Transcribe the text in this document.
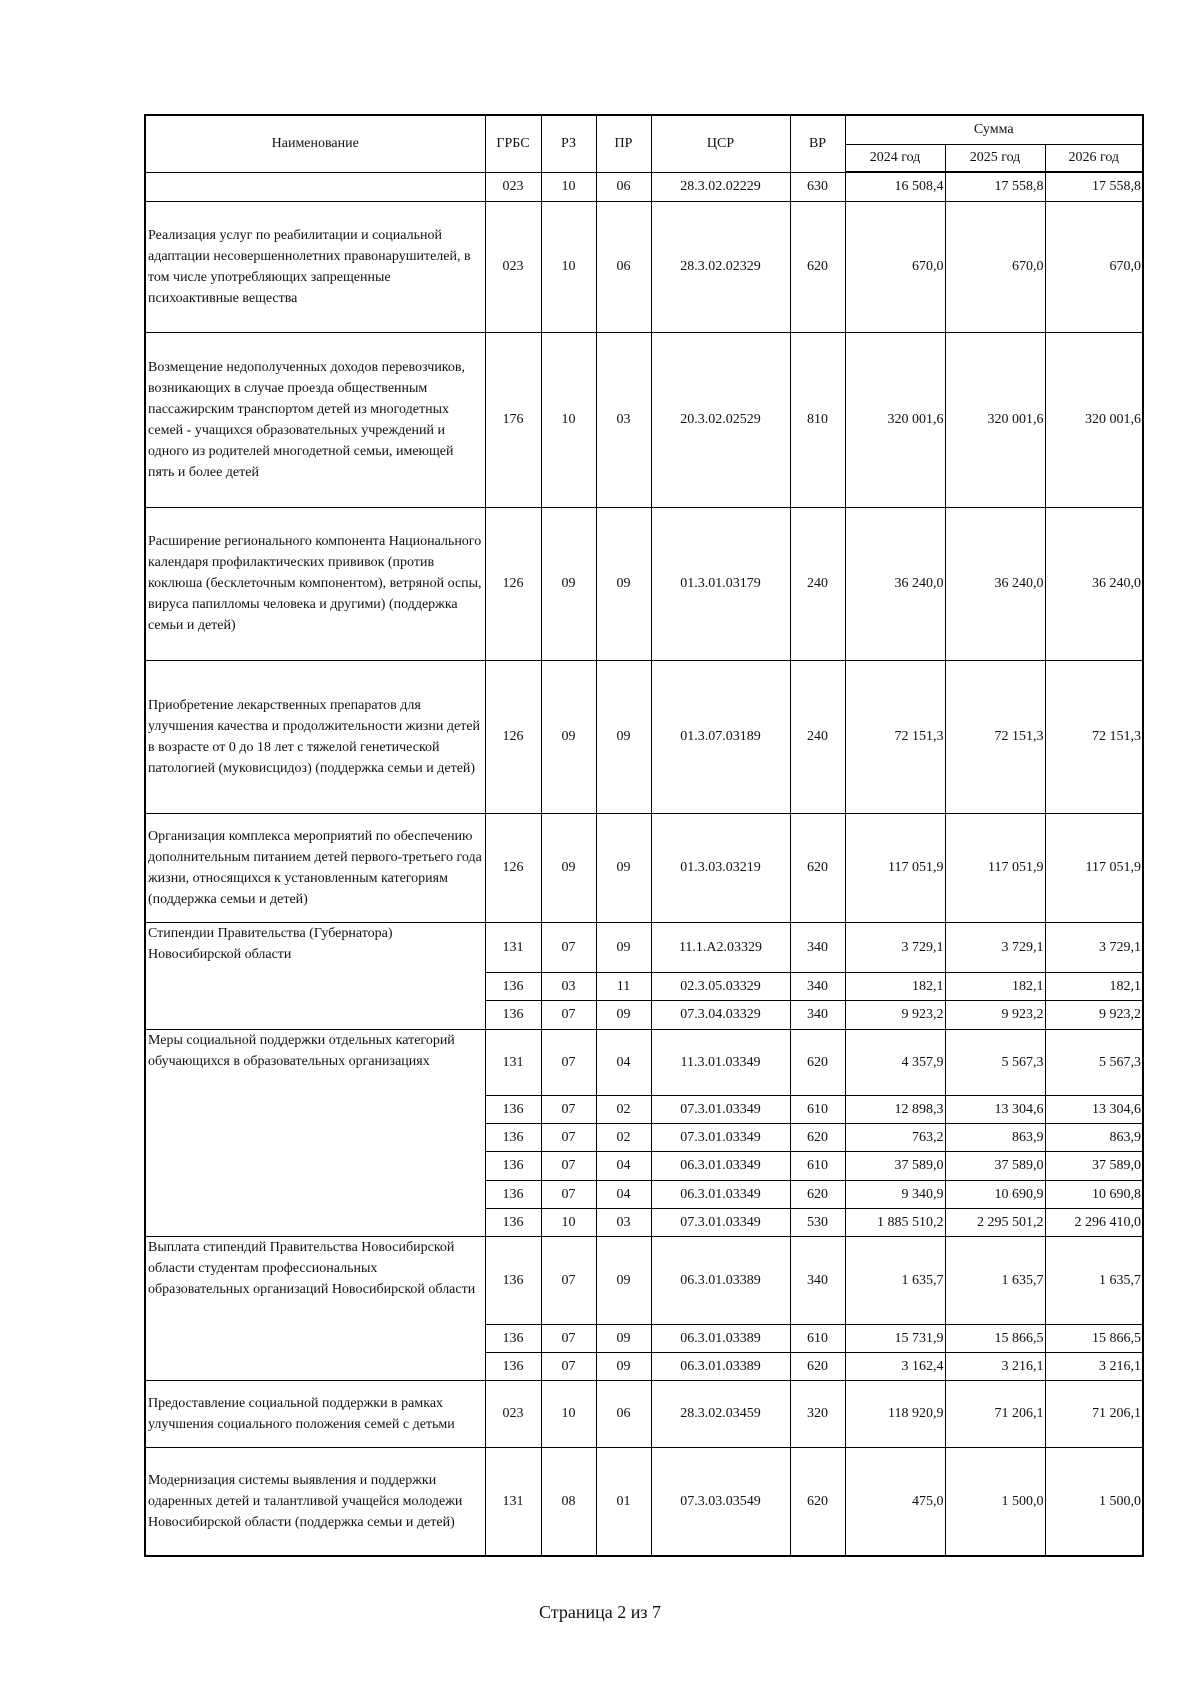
Наименование	ГРБС	РЗ	ПР	ЦСР	ВР	Сумма		
						2024 год	2025 год	2026 год
	023	10	06	28.3.02.02229	630	16 508,4	17 558,8	17 558,8
Реализация услуг по реабилитации и социальной адаптации несовершеннолетних правонарушителей, в том числе употребляющих запрещенные психоактивные вещества	023	10	06	28.3.02.02329	620	670,0	670,0	670,0
Возмещение недополученных доходов перевозчиков, возникающих в случае проезда общественным пассажирским транспортом детей из многодетных семей - учащихся образовательных учреждений и одного из родителей многодетной семьи, имеющей пять и более детей	176	10	03	20.3.02.02529	810	320 001,6	320 001,6	320 001,6
Расширение регионального компонента Национального календаря профилактических прививок (против коклюша (бесклеточным компонентом), ветряной оспы, вируса папилломы человека и другими) (поддержка семьи и детей)	126	09	09	01.3.01.03179	240	36 240,0	36 240,0	36 240,0
Приобретение лекарственных препаратов для улучшения качества и продолжительности жизни детей в возрасте от 0 до 18 лет с тяжелой генетической патологией (муковисцидоз) (поддержка семьи и детей)	126	09	09	01.3.07.03189	240	72 151,3	72 151,3	72 151,3
Организация комплекса мероприятий по обеспечению дополнительным питанием детей первого-третьего года жизни, относящихся к установленным категориям (поддержка семьи и детей)	126	09	09	01.3.03.03219	620	117 051,9	117 051,9	117 051,9
Стипендии Правительства (Губернатора) Новосибирской области	131	07	09	11.1.А2.03329	340	3 729,1	3 729,1	3 729,1
	136	03	11	02.3.05.03329	340	182,1	182,1	182,1
	136	07	09	07.3.04.03329	340	9 923,2	9 923,2	9 923,2
Меры социальной поддержки отдельных категорий обучающихся в образовательных организациях	131	07	04	11.3.01.03349	620	4 357,9	5 567,3	5 567,3
	136	07	02	07.3.01.03349	610	12 898,3	13 304,6	13 304,6
	136	07	02	07.3.01.03349	620	763,2	863,9	863,9
	136	07	04	06.3.01.03349	610	37 589,0	37 589,0	37 589,0
	136	07	04	06.3.01.03349	620	9 340,9	10 690,9	10 690,8
	136	10	03	07.3.01.03349	530	1 885 510,2	2 295 501,2	2 296 410,0
Выплата стипендий Правительства Новосибирской области студентам профессиональных образовательных организаций Новосибирской области	136	07	09	06.3.01.03389	340	1 635,7	1 635,7	1 635,7
	136	07	09	06.3.01.03389	610	15 731,9	15 866,5	15 866,5
	136	07	09	06.3.01.03389	620	3 162,4	3 216,1	3 216,1
Предоставление социальной поддержки в рамках улучшения социального положения семей с детьми	023	10	06	28.3.02.03459	320	118 920,9	71 206,1	71 206,1
Модернизация системы выявления и поддержки одаренных детей и талантливой учащейся молодежи Новосибирской области (поддержка семьи и детей)	131	08	01	07.3.03.03549	620	475,0	1 500,0	1 500,0
Страница 2 из 7
